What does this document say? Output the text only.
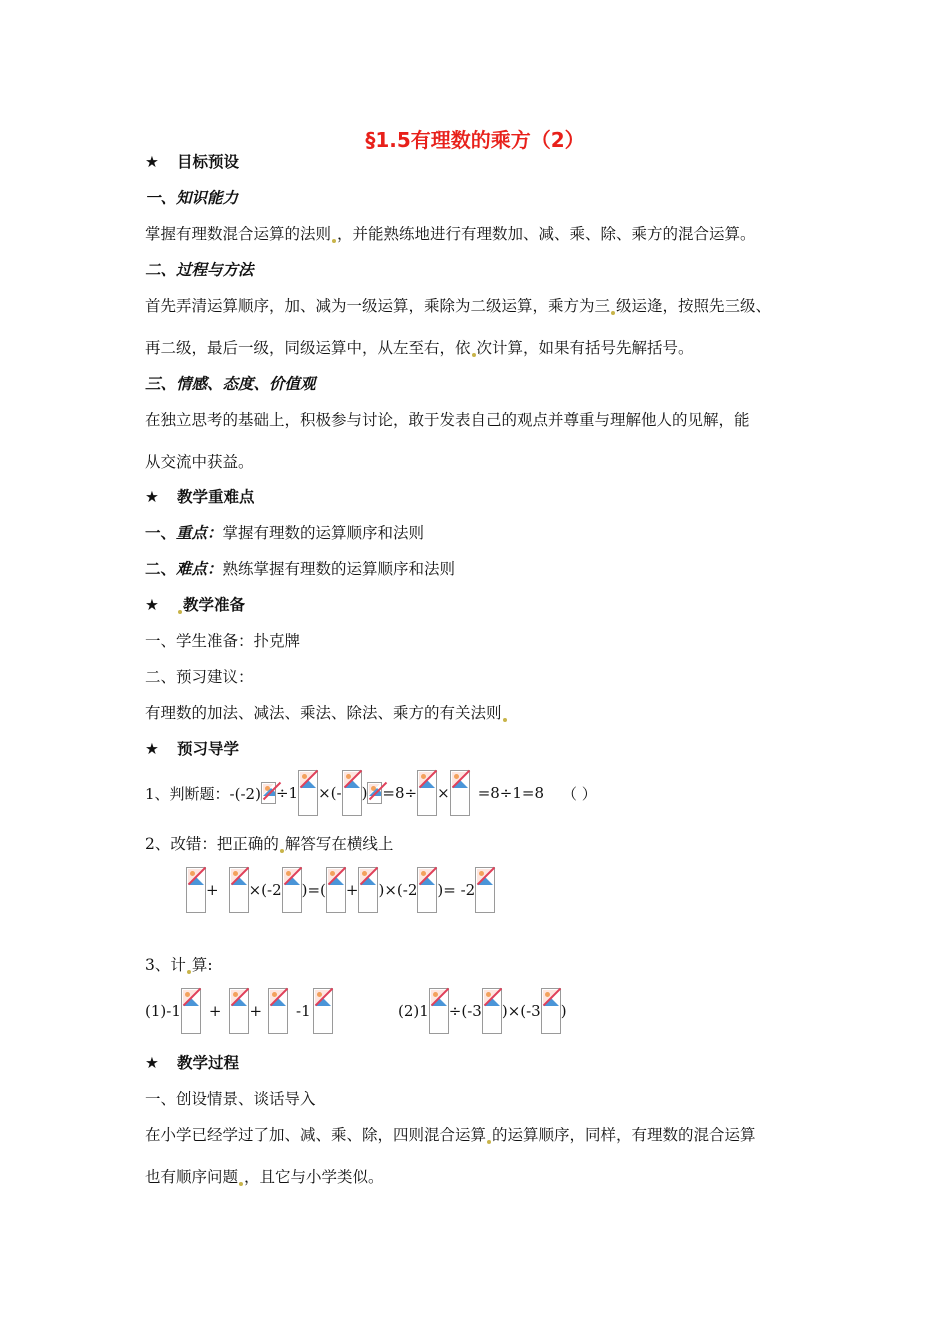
§1.5有理数的乘方（2）
★ 目标预设
一、知识能力
掌握有理数混合运算的法则 ，并能熟练地进行有理数加、减、乘、除、乘方的混合运算。
二、过程与方法
首先弄清运算顺序，加、减为一级运算，乘除为二级运算，乘方为三 级运逄，按照先三级、
再二级，最后一级，同级运算中，从左至右，依 次计算，如果有括号先解括号。
三、情感、态度、价值观
在独立思考的基础上，积极参与讨论，敢于发表自己的观点并尊重与理解他人的见解，能
从交流中获益。
★ 教学重难点
一、重点：掌握有理数的运算顺序和法则
二、难点：熟练掌握有理数的运算顺序和法则
★ 教学准备
一、学生准备：扑克牌
二、预习建议：
有理数的加法、减法、乘法、除法、乘方的有关法则
★ 预习导学
1、判断题：-(-2) ÷1 ×(- ) =8÷ × =8÷1=8 （ ）
2、改错：把正确的 解答写在横线上
+ ×(-2 )=( + )×(-2 )= -2
3、计 算:
(1)-1 + + -1	(2)1 ÷(-3 )×(-3 )
★ 教学过程
一、创设情景、谈话导入
在小学已经学过了加、减、乘、除，四则混合运算 的运算顺序，同样，有理数的混合运算
也有顺序问题 ，且它与小学类似。
